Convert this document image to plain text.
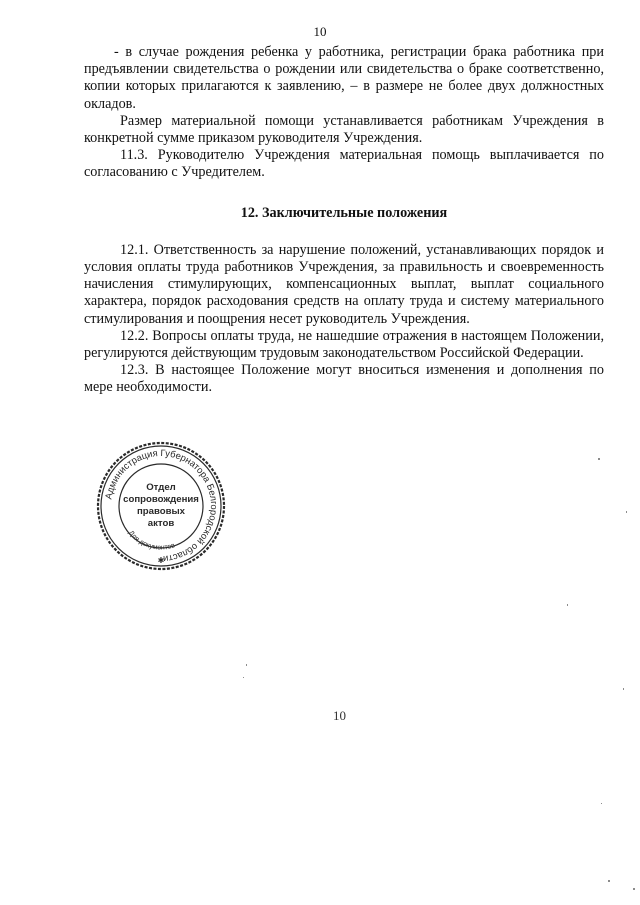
10

- в случае рождения ребенка у работника, регистрации брака работника при предъявлении свидетельства о рождении или свидетельства о браке соответственно, копии которых прилагаются к заявлению, – в размере не более двух должностных окладов.

Размер материальной помощи устанавливается работникам Учреждения в конкретной сумме приказом руководителя Учреждения.

11.3. Руководителю Учреждения материальная помощь выплачивается по согласованию с Учредителем.

12. Заключительные положения

12.1. Ответственность за нарушение положений, устанавливающих порядок и условия оплаты труда работников Учреждения, за правильность и своевременность начисления стимулирующих, компенсационных выплат, выплат социального характера, порядок расходования средств на оплату труда и систему материального стимулирования и поощрения несет руководитель Учреждения.

12.2. Вопросы оплаты труда, не нашедшие отражения в настоящем Положении, регулируются действующим трудовым законодательством Российской Федерации.

12.3. В настоящее Положение могут вноситься изменения и дополнения по мере необходимости.

Администрация Губернатора Белгородской области
Для документов
Отдел
сопровождения
правовых
актов
✱
10
